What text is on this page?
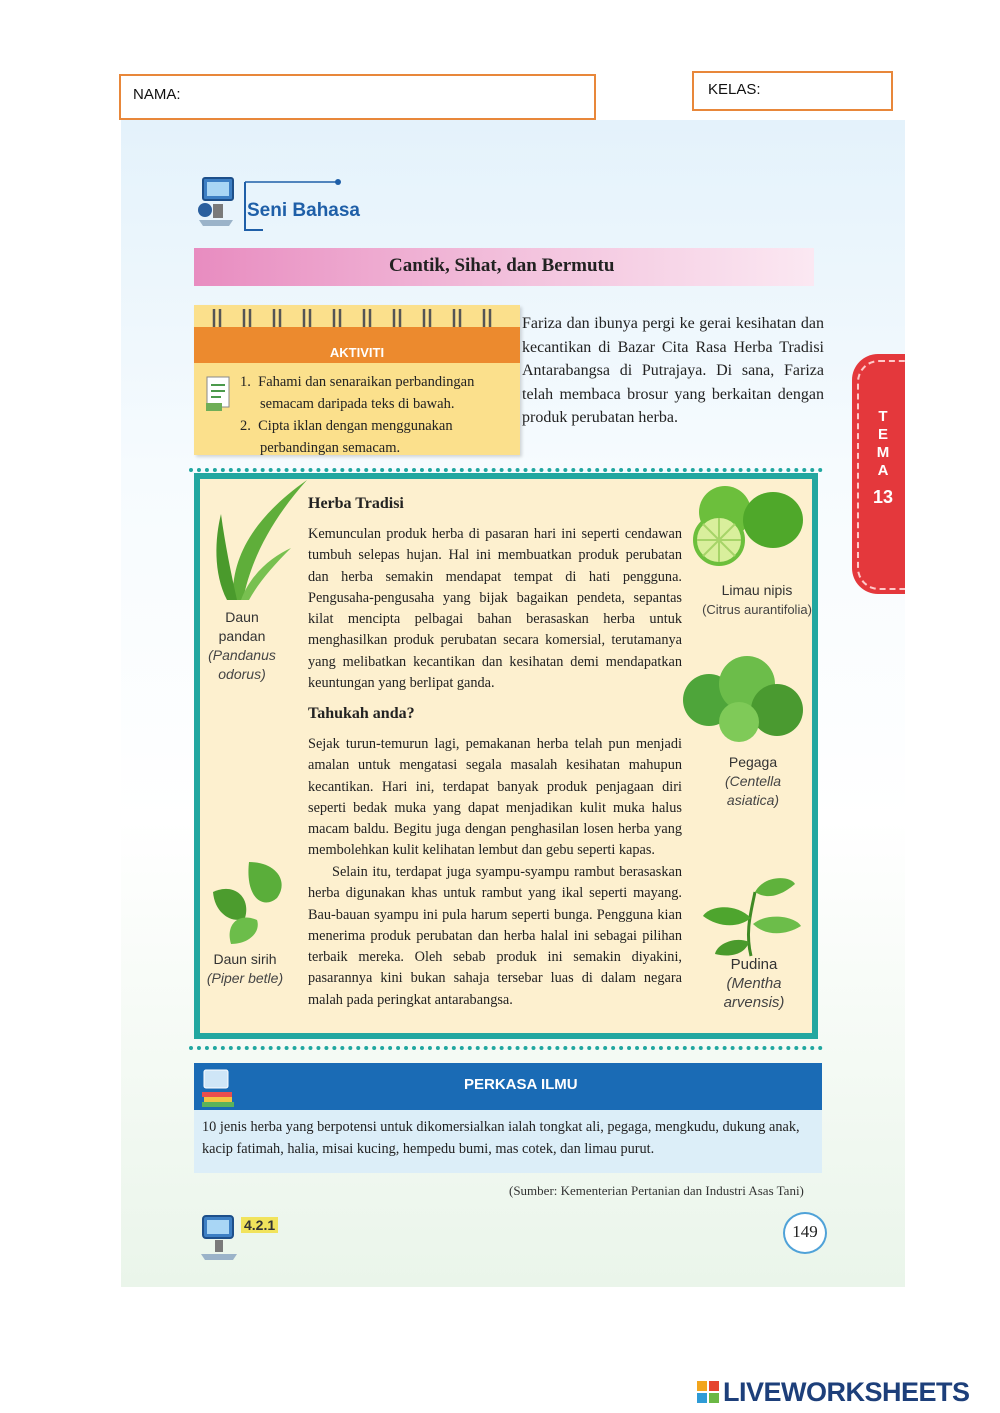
NAMA:	KELAS:
Seni Bahasa
Cantik, Sihat, dan Bermutu
AKTIVITI
1.  Fahami dan senaraikan perbandingan semacam daripada teks di bawah.
2.  Cipta iklan dengan menggunakan perbandingan semacam.
Fariza dan ibunya pergi ke gerai kesihatan dan kecantikan di Bazar Cita Rasa Herba Tradisi Antarabangsa di Putrajaya. Di sana, Fariza telah membaca brosur yang berkaitan dengan produk perubatan herba.
Herba Tradisi
Kemunculan produk herba di pasaran hari ini seperti cendawan tumbuh selepas hujan. Hal ini membuatkan produk perubatan dan herba semakin mendapat tempat di hati pengguna. Pengusaha-pengusaha yang bijak bagaikan pendeta, sepantas kilat mencipta pelbagai bahan berasaskan herba untuk menghasilkan produk perubatan secara komersial, terutamanya yang melibatkan kecantikan dan kesihatan demi mendapatkan keuntungan yang berlipat ganda.
Tahukah anda?
Sejak turun-temurun lagi, pemakanan herba telah pun menjadi amalan untuk mengatasi segala masalah kesihatan mahupun kecantikan. Hari ini, terdapat banyak produk penjagaan diri seperti bedak muka yang dapat menjadikan kulit muka halus macam baldu. Begitu juga dengan penghasilan losen herba yang membolehkan kulit kelihatan lembut dan gebu seperti kapas.
Selain itu, terdapat juga syampu-syampu rambut berasaskan herba digunakan khas untuk rambut yang ikal seperti mayang. Bau-bauan syampu ini pula harum seperti bunga. Pengguna kian menerima produk perubatan dan herba halal ini sebagai pilihan terbaik mereka. Oleh sebab produk ini semakin diyakini, pasarannya kini bukan sahaja tersebar luas di dalam negara malah pada peringkat antarabangsa.
Daun pandan
(Pandanus odorus)
Limau nipis
(Citrus aurantifolia)
Pegaga
(Centella asiatica)
Daun sirih
(Piper betle)
Pudina
(Mentha arvensis)
T
E
M
A
13
PERKASA ILMU
10 jenis herba yang berpotensi untuk dikomersialkan ialah tongkat ali, pegaga, mengkudu, dukung anak, kacip fatimah, halia, misai kucing, hempedu bumi, mas cotek, dan limau purut.
(Sumber: Kementerian Pertanian dan Industri Asas Tani)
4.2.1	149
LIVEWORKSHEETS
